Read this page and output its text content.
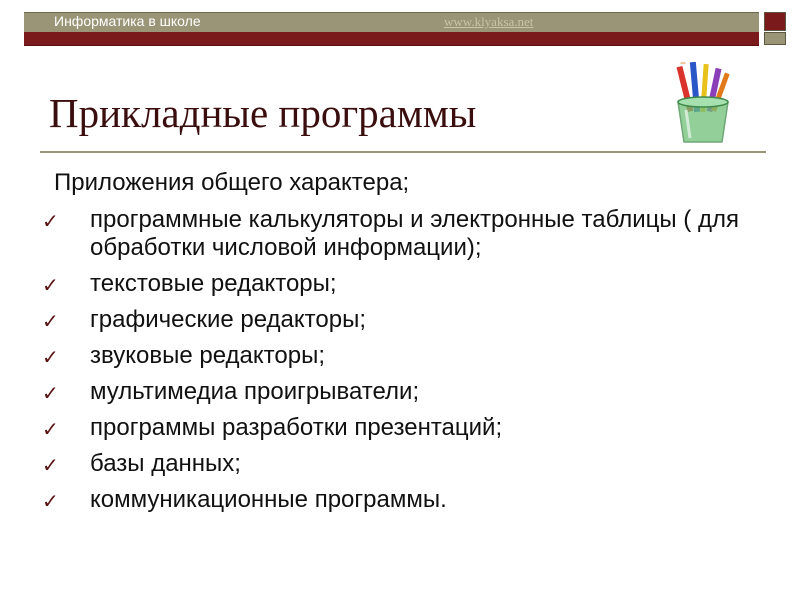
Информатика в школе	www.klyaksa.net
Прикладные программы
Приложения общего характера;
✓ программные калькуляторы и электронные таблицы ( для обработки числовой информации);
✓ текстовые редакторы;
✓ графические редакторы;
✓ звуковые редакторы;
✓ мультимедиа проигрыватели;
✓ программы разработки презентаций;
✓ базы данных;
✓ коммуникационные программы.
